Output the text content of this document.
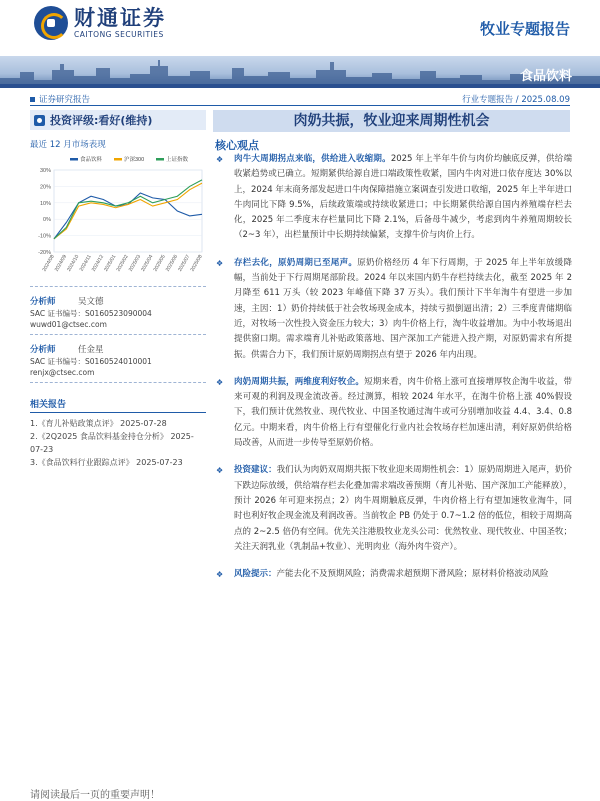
财通证券
CAITONG SECURITIES	牧业专题报告
食品饮料
证券研究报告	行业专题报告 / 2025.08.09
投资评级:看好(维持)
最近 12 月市场表现
30%
20%
10%
0%
-10%
-20%
2024/08
2024/09
2024/10
2024/11
2024/12
2025/01
2025/02
2025/03
2025/04
2025/05
2025/06
2025/07
2025/08
食品饮料	沪深300	上证指数
分析师	吴文德
SAC 证书编号：S0160523090004
wuwd01@ctsec.com
分析师	任金星
SAC 证书编号：S0160524010001
renjx@ctsec.com
相关报告
1.《育儿补贴政策点评》 2025-07-28
2.《2Q2025 食品饮料基金持仓分析》 2025-07-23
3.《食品饮料行业跟踪点评》 2025-07-23
肉奶共振，牧业迎来周期性机会
核心观点
❖ 肉牛大周期拐点来临，供给进入收缩期。2025 年上半年牛价与肉价均触底反弹，供给端收紧趋势或已确立。短期紧供给源自进口端政策性收紧，国内牛肉对进口依存度达 30%以上，2024 年末商务部发起进口牛肉保障措施立案调查引发进口收缩，2025 年上半年进口牛肉同比下降 9.5%，后续政策端或持续收紧进口；中长期紧供给源自国内养殖端存栏去化，2025 年二季度末存栏量同比下降 2.1%，后备母牛减少，考虑到肉牛养殖周期较长（2~3 年），出栏量预计中长期持续偏紧，支撑牛价与肉价上行。
❖ 存栏去化，原奶周期已至尾声。原奶价格经历 4 年下行周期，于 2025 年上半年放缓降幅，当前处于下行周期尾部阶段。2024 年以来国内奶牛存栏持续去化，截至 2025 年 2 月降至 611 万头（较 2023 年峰值下降 37 万头）。我们预计下半年淘牛有望进一步加速，主因：1）奶价持续低于社会牧场现金成本，持续亏损倒逼出清；2）三季度青储期临近，对牧场一次性投入资金压力较大；3）肉牛价格上行，淘牛收益增加。为中小牧场退出提供窗口期。需求端育儿补贴政策落地、国产深加工产能进入投产期，对原奶需求有所提振。供需合力下，我们预计原奶周期拐点有望于 2026 年内出现。
❖ 肉奶周期共振，两维度利好牧企。短期来看，肉牛价格上涨可直接增厚牧企淘牛收益，带来可观的利润及现金流改善。经过测算，相较 2024 年水平，在淘牛价格上涨 40%假设下，我们预计优然牧业、现代牧业、中国圣牧通过淘牛或可分别增加收益 4.4、3.4、0.8 亿元。中期来看，肉牛价格上行有望催化行业内社会牧场存栏加速出清，利好原奶供给格局改善，从而进一步传导至原奶价格。
❖ 投资建议：我们认为肉奶双周期共振下牧业迎来周期性机会：1）原奶周期进入尾声，奶价下跌边际放缓，供给端存栏去化叠加需求端改善预期（育儿补贴、国产深加工产能释放），预计 2026 年可迎来拐点；2）肉牛周期触底反弹，牛肉价格上行有望加速牧业淘牛，同时也利好牧企现金流及利润改善。当前牧企 PB 仍处于 0.7~1.2 倍的低位，相较于周期高点的 2~2.5 倍仍有空间。优先关注港股牧业龙头公司：优然牧业、现代牧业、中国圣牧；关注天润乳业（乳制品+牧业）、光明肉业（海外肉牛资产）。
❖ 风险提示：产能去化不及预期风险；消费需求超预期下滑风险；原材料价格波动风险
请阅读最后一页的重要声明！
